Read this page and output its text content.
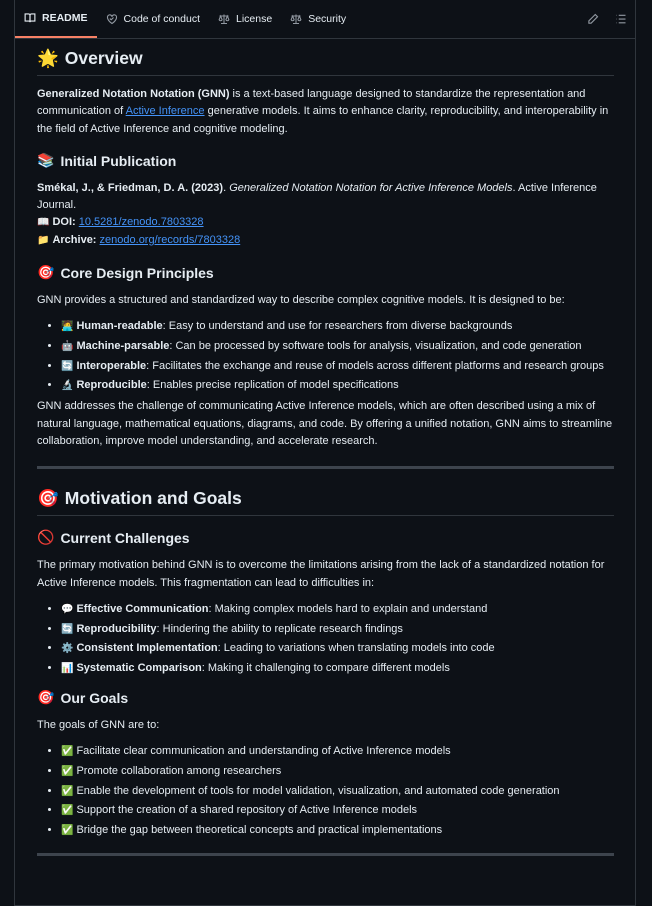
README	Code of conduct	License	Security
🌟 Overview

Generalized Notation Notation (GNN) is a text-based language designed to standardize the representation and communication of Active Inference generative models. It aims to enhance clarity, reproducibility, and interoperability in the field of Active Inference and cognitive modeling.

📚 Initial Publication

Smékal, J., & Friedman, D. A. (2023). Generalized Notation Notation for Active Inference Models. Active Inference Journal.
📖 DOI: 10.5281/zenodo.7803328
📁 Archive: zenodo.org/records/7803328

🎯 Core Design Principles

GNN provides a structured and standardized way to describe complex cognitive models. It is designed to be:

• 🧑‍💻 Human-readable: Easy to understand and use for researchers from diverse backgrounds
• 🤖 Machine-parsable: Can be processed by software tools for analysis, visualization, and code generation
• 🔄 Interoperable: Facilitates the exchange and reuse of models across different platforms and research groups
• 🔬 Reproducible: Enables precise replication of model specifications

GNN addresses the challenge of communicating Active Inference models, which are often described using a mix of natural language, mathematical equations, diagrams, and code. By offering a unified notation, GNN aims to streamline collaboration, improve model understanding, and accelerate research.

🎯 Motivation and Goals
🚫 Current Challenges

The primary motivation behind GNN is to overcome the limitations arising from the lack of a standardized notation for Active Inference models. This fragmentation can lead to difficulties in:

• 💬 Effective Communication: Making complex models hard to explain and understand
• 🔄 Reproducibility: Hindering the ability to replicate research findings
• ⚙️ Consistent Implementation: Leading to variations when translating models into code
• 📊 Systematic Comparison: Making it challenging to compare different models
🎯 Our Goals

The goals of GNN are to:

• ✅ Facilitate clear communication and understanding of Active Inference models
• ✅ Promote collaboration among researchers
• ✅ Enable the development of tools for model validation, visualization, and automated code generation
• ✅ Support the creation of a shared repository of Active Inference models
• ✅ Bridge the gap between theoretical concepts and practical implementations
